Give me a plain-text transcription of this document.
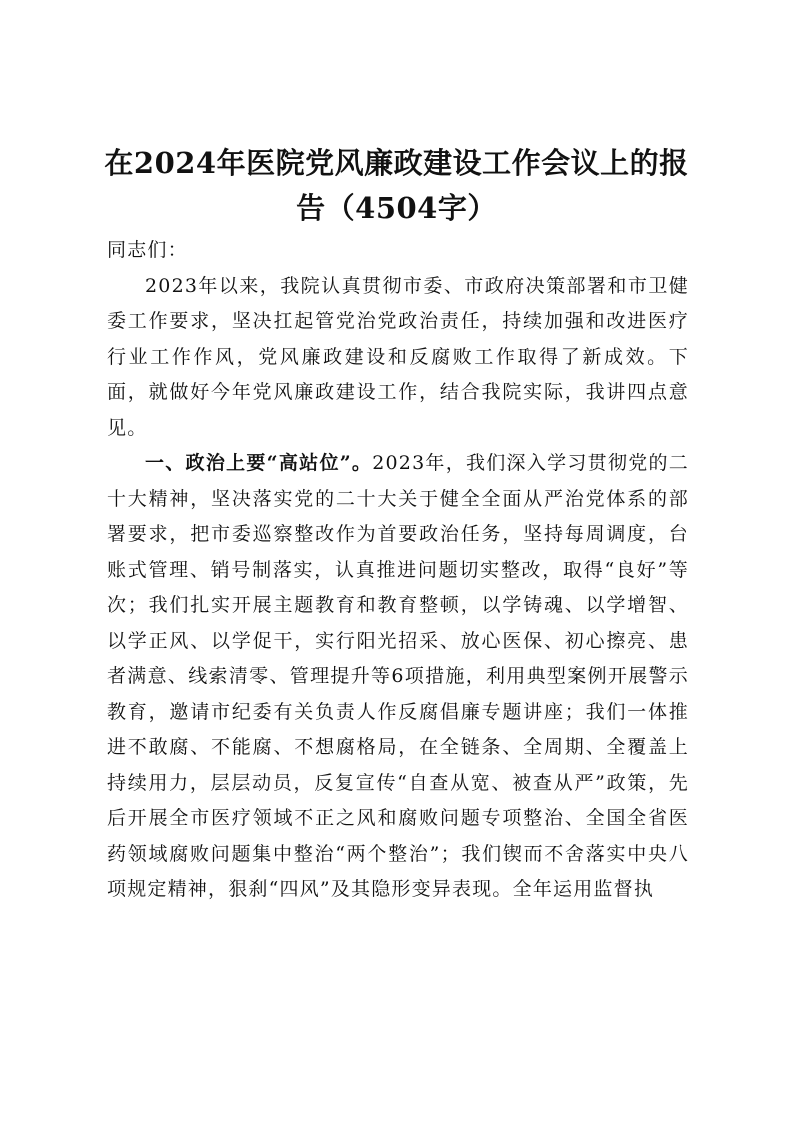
在2024年医院党风廉政建设工作会议上的报告（4504字）

同志们：

2023年以来，我院认真贯彻市委、市政府决策部署和市卫健委工作要求，坚决扛起管党治党政治责任，持续加强和改进医疗行业工作作风，党风廉政建设和反腐败工作取得了新成效。下面，就做好今年党风廉政建设工作，结合我院实际，我讲四点意见。

一、政治上要“高站位”。2023年，我们深入学习贯彻党的二十大精神，坚决落实党的二十大关于健全全面从严治党体系的部署要求，把市委巡察整改作为首要政治任务，坚持每周调度，台账式管理、销号制落实，认真推进问题切实整改，取得“良好”等次；我们扎实开展主题教育和教育整顿，以学铸魂、以学增智、以学正风、以学促干，实行阳光招采、放心医保、初心擦亮、患者满意、线索清零、管理提升等6项措施，利用典型案例开展警示教育，邀请市纪委有关负责人作反腐倡廉专题讲座；我们一体推进不敢腐、不能腐、不想腐格局，在全链条、全周期、全覆盖上持续用力，层层动员，反复宣传“自查从宽、被查从严”政策，先后开展全市医疗领域不正之风和腐败问题专项整治、全国全省医药领域腐败问题集中整治“两个整治”；我们锲而不舍落实中央八项规定精神，狠刹“四风”及其隐形变异表现。全年运用监督执
